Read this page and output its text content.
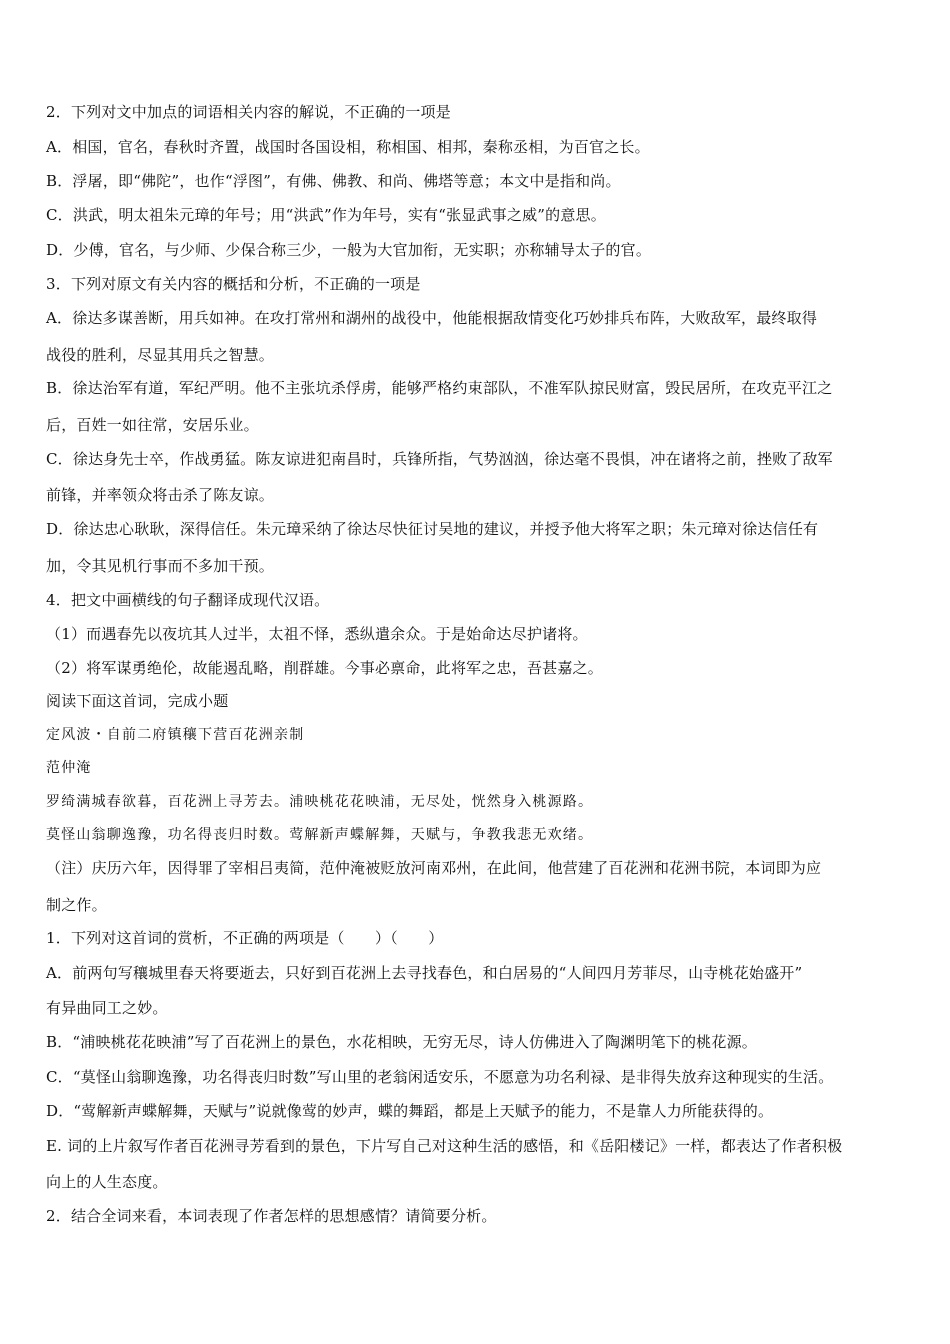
2．下列对文中加点的词语相关内容的解说，不正确的一项是
A．相国，官名，春秋时齐置，战国时各国设相，称相国、相邦，秦称丞相，为百官之长。
B．浮屠，即“佛陀”，也作“浮图”，有佛、佛教、和尚、佛塔等意；本文中是指和尚。
C．洪武，明太祖朱元璋的年号；用“洪武”作为年号，实有“张显武事之威”的意思。
D．少傅，官名，与少师、少保合称三少，一般为大官加衔，无实职；亦称辅导太子的官。
3．下列对原文有关内容的概括和分析，不正确的一项是
A．徐达多谋善断，用兵如神。在攻打常州和湖州的战役中，他能根据敌情变化巧妙排兵布阵，大败敌军，最终取得
战役的胜利，尽显其用兵之智慧。
B．徐达治军有道，军纪严明。他不主张坑杀俘虏，能够严格约束部队，不准军队掠民财富，毁民居所，在攻克平江之
后，百姓一如往常，安居乐业。
C．徐达身先士卒，作战勇猛。陈友谅进犯南昌时，兵锋所指，气势汹汹，徐达毫不畏惧，冲在诸将之前，挫败了敌军
前锋，并率领众将击杀了陈友谅。
D．徐达忠心耿耿，深得信任。朱元璋采纳了徐达尽快征讨吴地的建议，并授予他大将军之职；朱元璋对徐达信任有
加，令其见机行事而不多加干预。
4．把文中画横线的句子翻译成现代汉语。
（1）而遇春先以夜坑其人过半，太祖不怿，悉纵遣余众。于是始命达尽护诸将。
（2）将军谋勇绝伦，故能遏乱略，削群雄。今事必禀命，此将军之忠，吾甚嘉之。
阅读下面这首词，完成小题
定风波・自前二府镇穰下营百花洲亲制
范仲淹
罗绮满城春欲暮，百花洲上寻芳去。浦映桃花花映浦，无尽处，恍然身入桃源路。
莫怪山翁聊逸豫，功名得丧归时数。莺解新声蝶解舞，天赋与，争教我悲无欢绪。
（注）庆历六年，因得罪了宰相吕夷简，范仲淹被贬放河南邓州，在此间，他营建了百花洲和花洲书院，本词即为应
制之作。
1．下列对这首词的赏析，不正确的两项是（　　）（　　）
A．前两句写穰城里春天将要逝去，只好到百花洲上去寻找春色，和白居易的“人间四月芳菲尽，山寺桃花始盛开”
有异曲同工之妙。
B．“浦映桃花花映浦”写了百花洲上的景色，水花相映，无穷无尽，诗人仿佛进入了陶渊明笔下的桃花源。
C．“莫怪山翁聊逸豫，功名得丧归时数”写山里的老翁闲适安乐，不愿意为功名利禄、是非得失放弃这种现实的生活。
D．“莺解新声蝶解舞，天赋与”说就像莺的妙声，蝶的舞蹈，都是上天赋予的能力，不是靠人力所能获得的。
E. 词的上片叙写作者百花洲寻芳看到的景色，下片写自己对这种生活的感悟，和《岳阳楼记》一样，都表达了作者积极
向上的人生态度。
2．结合全词来看，本词表现了作者怎样的思想感情？请简要分析。
